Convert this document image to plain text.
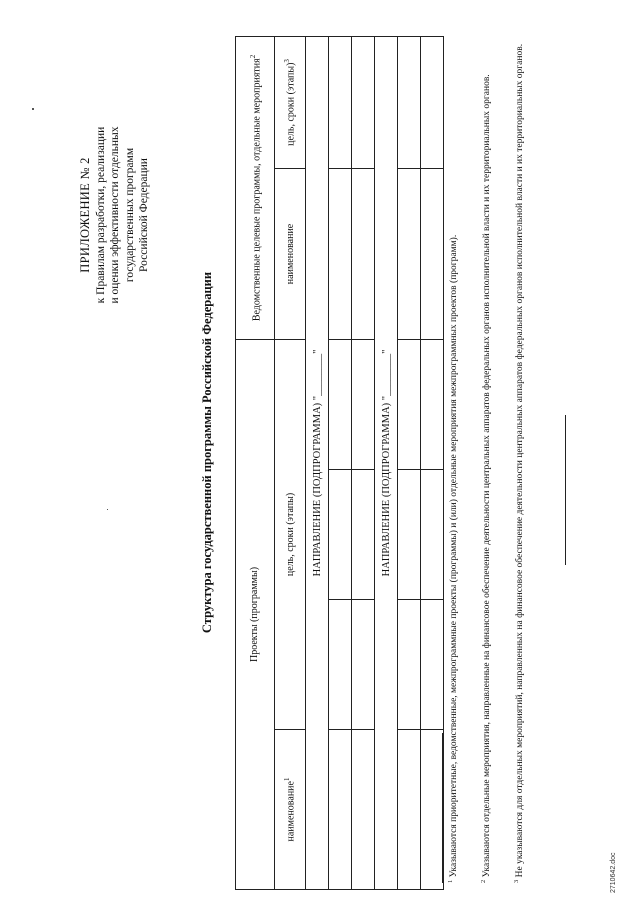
ПРИЛОЖЕНИЕ № 2 к Правилам разработки, реализации и оценки эффективности отдельных государственных программ Российской Федерации
Структура государственной программы Российской Федерации	Проекты (программы)				Ведомственные целевые программы, отдельные мероприятия$^2$
наименование$^1$	цель, сроки (этапы)			наименование	цель, сроки (этапы)$^3$
НАПРАВЛЕНИЕ (ПОДПРОГРАММА) "________"					

НАПРАВЛЕНИЕ (ПОДПРОГРАММА) "________"					

$^1$ Указываются приоритетные, ведомственные, межпрограммные проекты (программы) и (или) отдельные мероприятия межпрограммных проектов (программ).
$^2$ Указываются отдельные мероприятия, направленные на финансовое обеспечение деятельности центральных аппаратов федеральных органов исполнительной власти и их территориальных органов.
$^3$ Не указываются для отдельных мероприятий, направленных на финансовое обеспечение деятельности центральных аппаратов федеральных органов исполнительной власти и их территориальных органов.	2710642.doc
